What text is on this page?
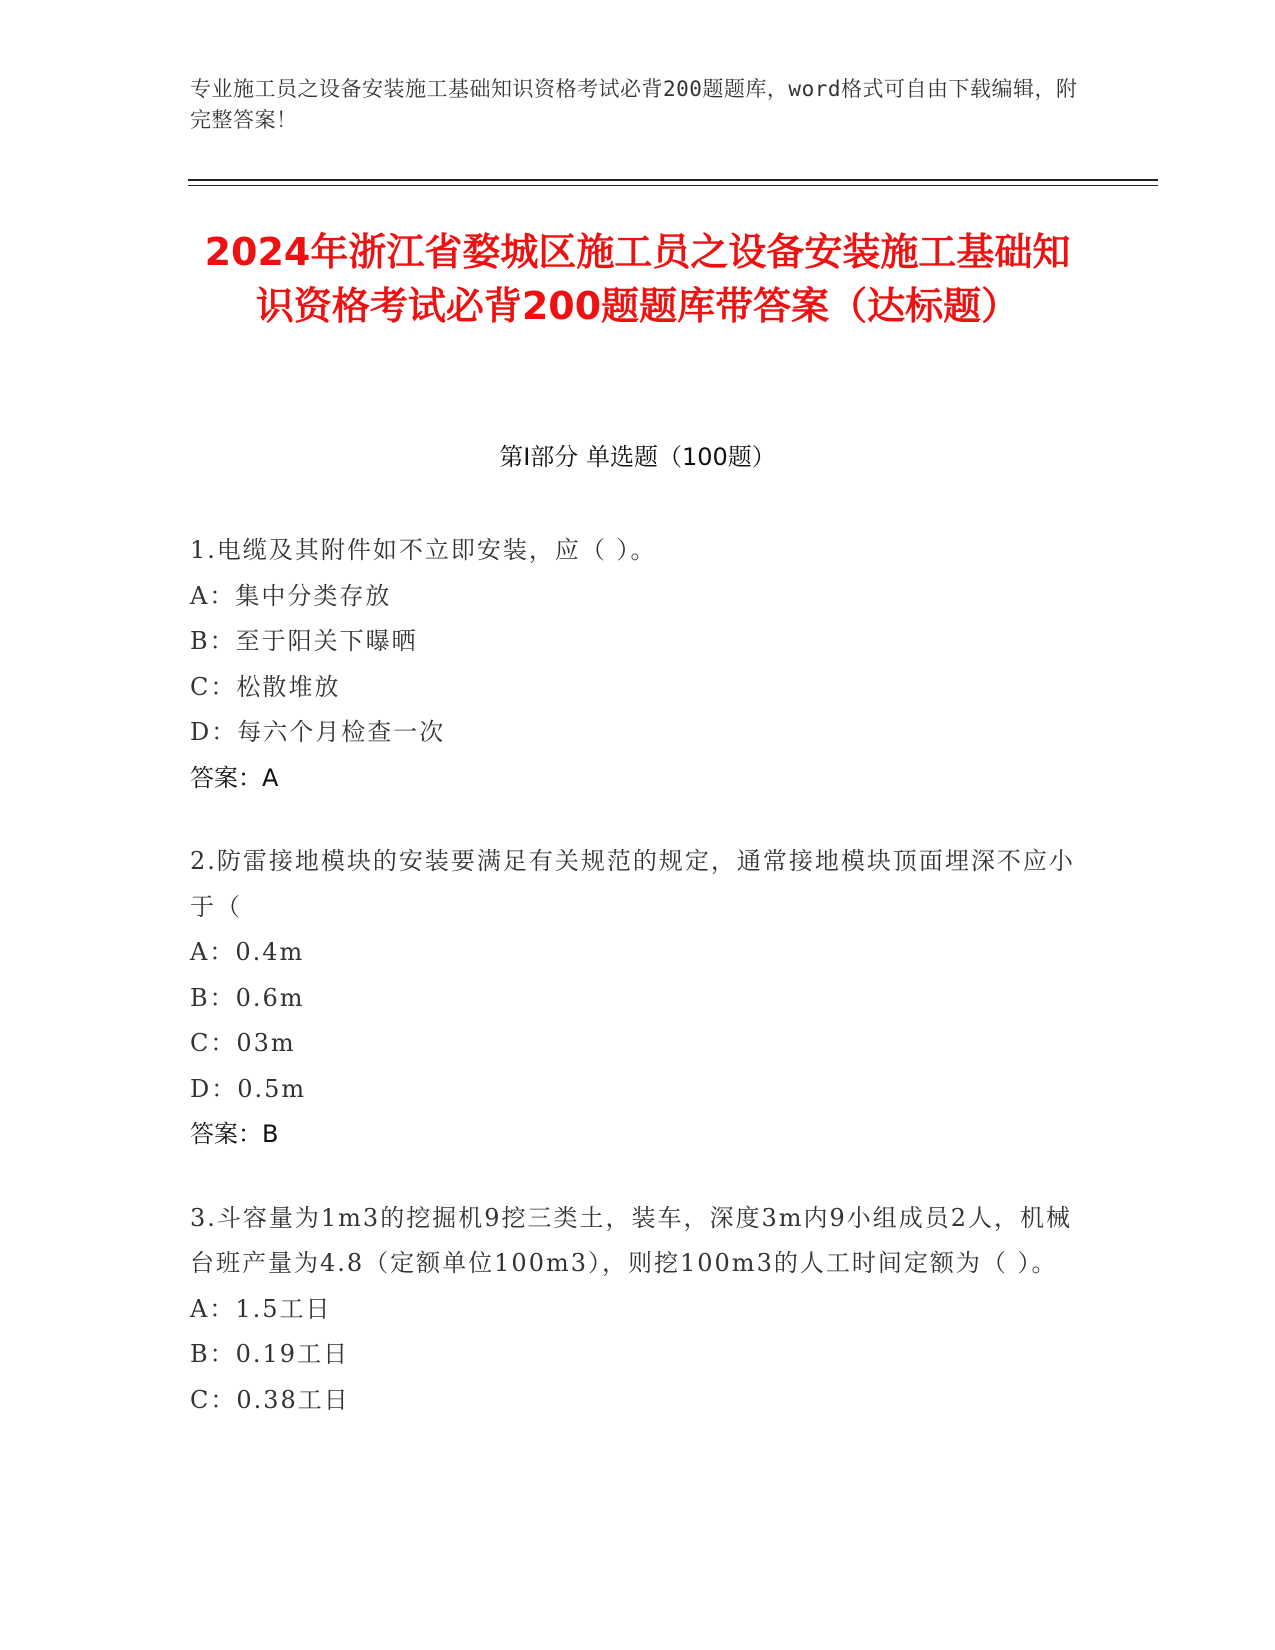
专业施工员之设备安装施工基础知识资格考试必背200题题库，word格式可自由下载编辑，附完整答案！
2024年浙江省婺城区施工员之设备安装施工基础知识资格考试必背200题题库带答案（达标题）
第I部分 单选题（100题）
1.电缆及其附件如不立即安装，应（ ）。
A：集中分类存放
B：至于阳关下曝晒
C：松散堆放
D：每六个月检查一次
答案：A
2.防雷接地模块的安装要满足有关规范的规定，通常接地模块顶面埋深不应小于（
A：0.4m
B：0.6m
C：03m
D：0.5m
答案：B
3.斗容量为1m3的挖掘机9挖三类土，装车，深度3m内9小组成员2人，机械台班产量为4.8（定额单位100m3），则挖100m3的人工时间定额为（ ）。
A：1.5工日
B：0.19工日
C：0.38工日
